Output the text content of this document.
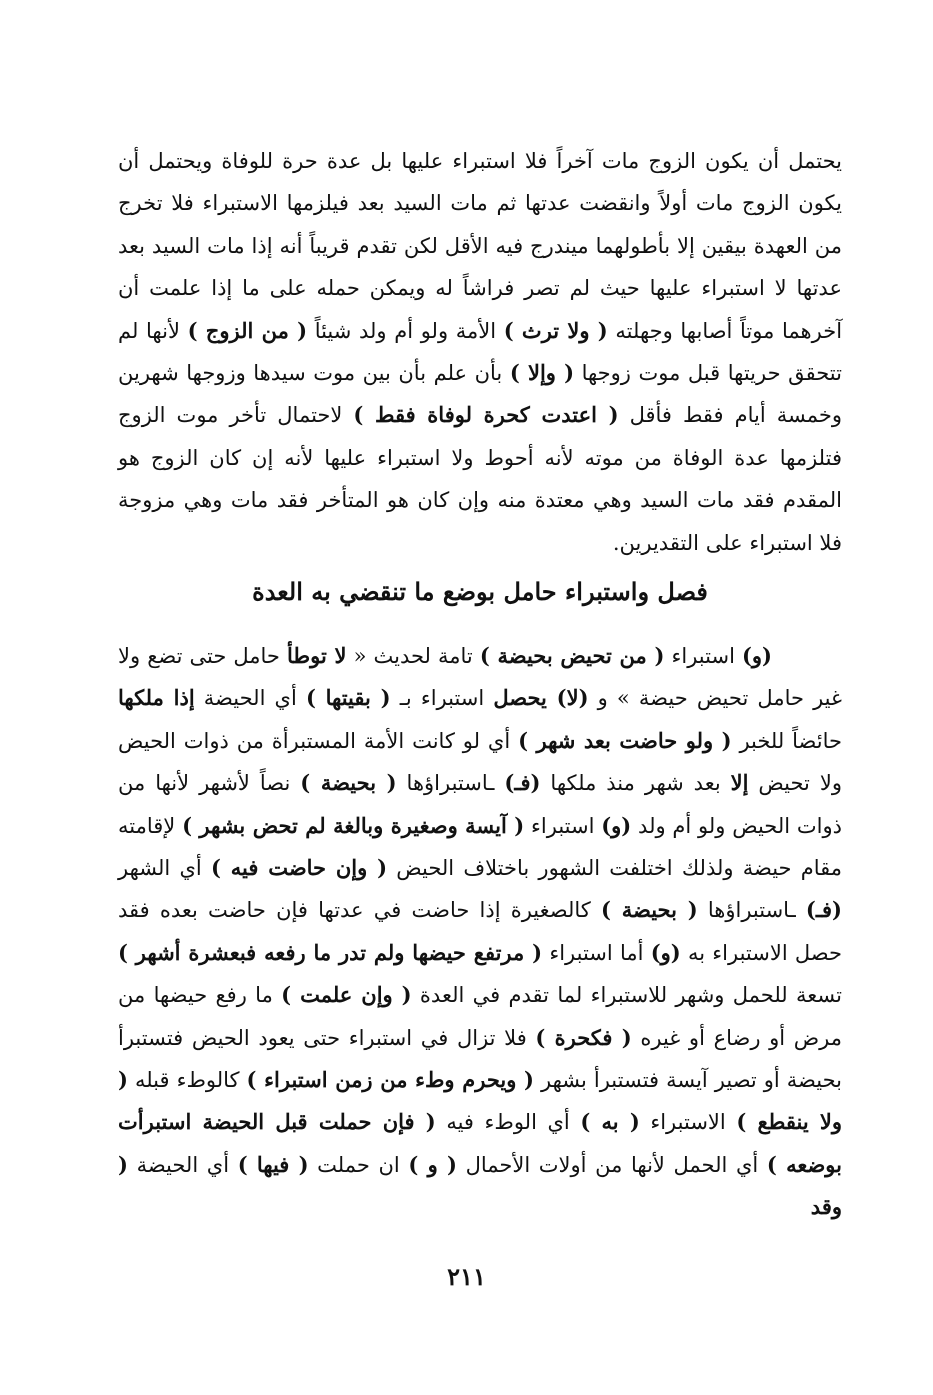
يحتمل أن يكون الزوج مات آخراً فلا استبراء عليها بل عدة حرة للوفاة ويحتمل أن يكون الزوج مات أولاً وانقضت عدتها ثم مات السيد بعد فيلزمها الاستبراء فلا تخرج من العهدة بيقين إلا بأطولهما ميندرج فيه الأقل لكن تقدم قريباً أنه إذا مات السيد بعد عدتها لا استبراء عليها حيث لم تصر فراشاً له ويمكن حمله على ما إذا علمت أن آخرهما موتاً أصابها وجهلته ( ولا ترث ) الأمة ولو أم ولد شيئاً ( من الزوج ) لأنها لم تتحقق حريتها قبل موت زوجها ( وإلا ) بأن علم بأن بين موت سيدها وزوجها شهرين وخمسة أيام فقط فأقل ( اعتدت كحرة لوفاة فقط ) لاحتمال تأخر موت الزوج فتلزمها عدة الوفاة من موته لأنه أحوط ولا استبراء عليها لأنه إن كان الزوج هو المقدم فقد مات السيد وهي معتدة منه وإن كان هو المتأخر فقد مات وهي مزوجة فلا استبراء على التقديرين.

فصل واستبراء حامل بوضع ما تنقضي به العدة

(و) استبراء ( من تحيض بحيضة ) تامة لحديث « لا توطأ حامل حتى تضع ولا غير حامل تحيض حيضة » و (لا) يحصل استبراء بـ ( بقيتها ) أي الحيضة إذا ملكها حائضاً للخبر ( ولو حاضت بعد شهر ) أي لو كانت الأمة المستبرأة من ذوات الحيض ولا تحيض إلا بعد شهر منذ ملكها (فـ) ـاستبراؤها ( بحيضة ) نصاً لأشهر لأنها من ذوات الحيض ولو أم ولد (و) استبراء ( آيسة وصغيرة وبالغة لم تحض بشهر ) لإقامته مقام حيضة ولذلك اختلفت الشهور باختلاف الحيض ( وإن حاضت فيه ) أي الشهر (فـ) ـاستبراؤها ( بحيضة ) كالصغيرة إذا حاضت في عدتها فإن حاضت بعده فقد حصل الاستبراء به (و) أما استبراء ( مرتفع حيضها ولم تدر ما رفعه فبعشرة أشهر ) تسعة للحمل وشهر للاستبراء لما تقدم في العدة ( وإن علمت ) ما رفع حيضها من مرض أو رضاع أو غيره ( فكحرة ) فلا تزال في استبراء حتى يعود الحيض فتستبرأ بحيضة أو تصير آيسة فتستبرأ بشهر ( ويحرم وطء من زمن استبراء ) كالوطء قبله ( ولا ينقطع ) الاستبراء ( به ) أي الوطء فيه ( فإن حملت قبل الحيضة استبرأت بوضعه ) أي الحمل لأنها من أولات الأحمال ( و ) ان حملت ( فيها ) أي الحيضة ( وقد

٢١١
